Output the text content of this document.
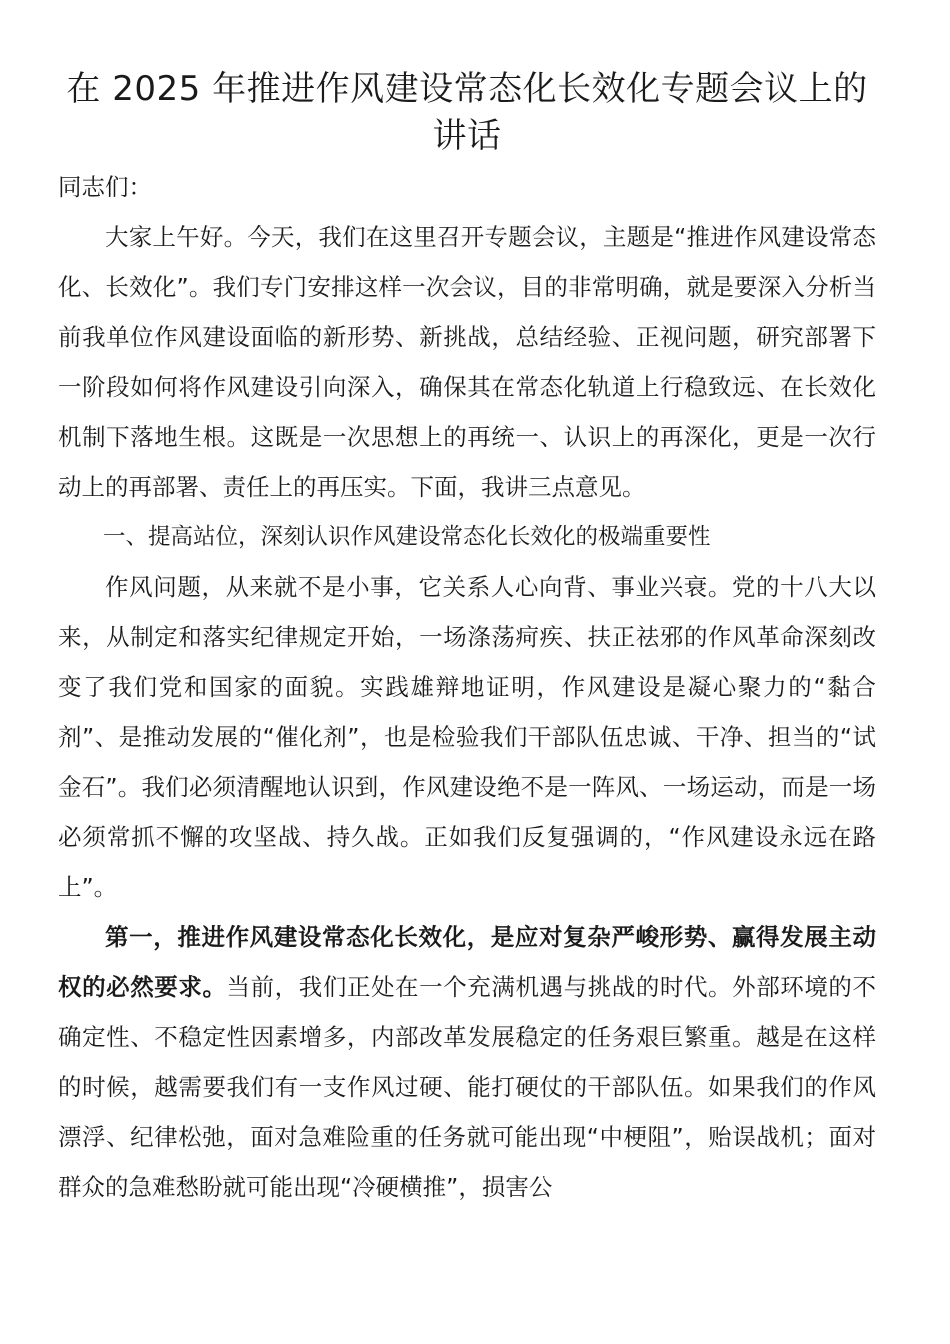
在 2025 年推进作风建设常态化长效化专题会议上的讲话

同志们：

大家上午好。今天，我们在这里召开专题会议，主题是“推进作风建设常态化、长效化”。我们专门安排这样一次会议，目的非常明确，就是要深入分析当前我单位作风建设面临的新形势、新挑战，总结经验、正视问题，研究部署下一阶段如何将作风建设引向深入，确保其在常态化轨道上行稳致远、在长效化机制下落地生根。这既是一次思想上的再统一、认识上的再深化，更是一次行动上的再部署、责任上的再压实。下面，我讲三点意见。

一、提高站位，深刻认识作风建设常态化长效化的极端重要性

作风问题，从来就不是小事，它关系人心向背、事业兴衰。党的十八大以来，从制定和落实纪律规定开始，一场涤荡疴疾、扶正祛邪的作风革命深刻改变了我们党和国家的面貌。实践雄辩地证明，作风建设是凝心聚力的“黏合剂”、是推动发展的“催化剂”，也是检验我们干部队伍忠诚、干净、担当的“试金石”。我们必须清醒地认识到，作风建设绝不是一阵风、一场运动，而是一场必须常抓不懈的攻坚战、持久战。正如我们反复强调的，“作风建设永远在路上”。

第一，推进作风建设常态化长效化，是应对复杂严峻形势、赢得发展主动权的必然要求。当前，我们正处在一个充满机遇与挑战的时代。外部环境的不确定性、不稳定性因素增多，内部改革发展稳定的任务艰巨繁重。越是在这样的时候，越需要我们有一支作风过硬、能打硬仗的干部队伍。如果我们的作风漂浮、纪律松弛，面对急难险重的任务就可能出现“中梗阻”，贻误战机；面对群众的急难愁盼就可能出现“冷硬横推”，损害公
